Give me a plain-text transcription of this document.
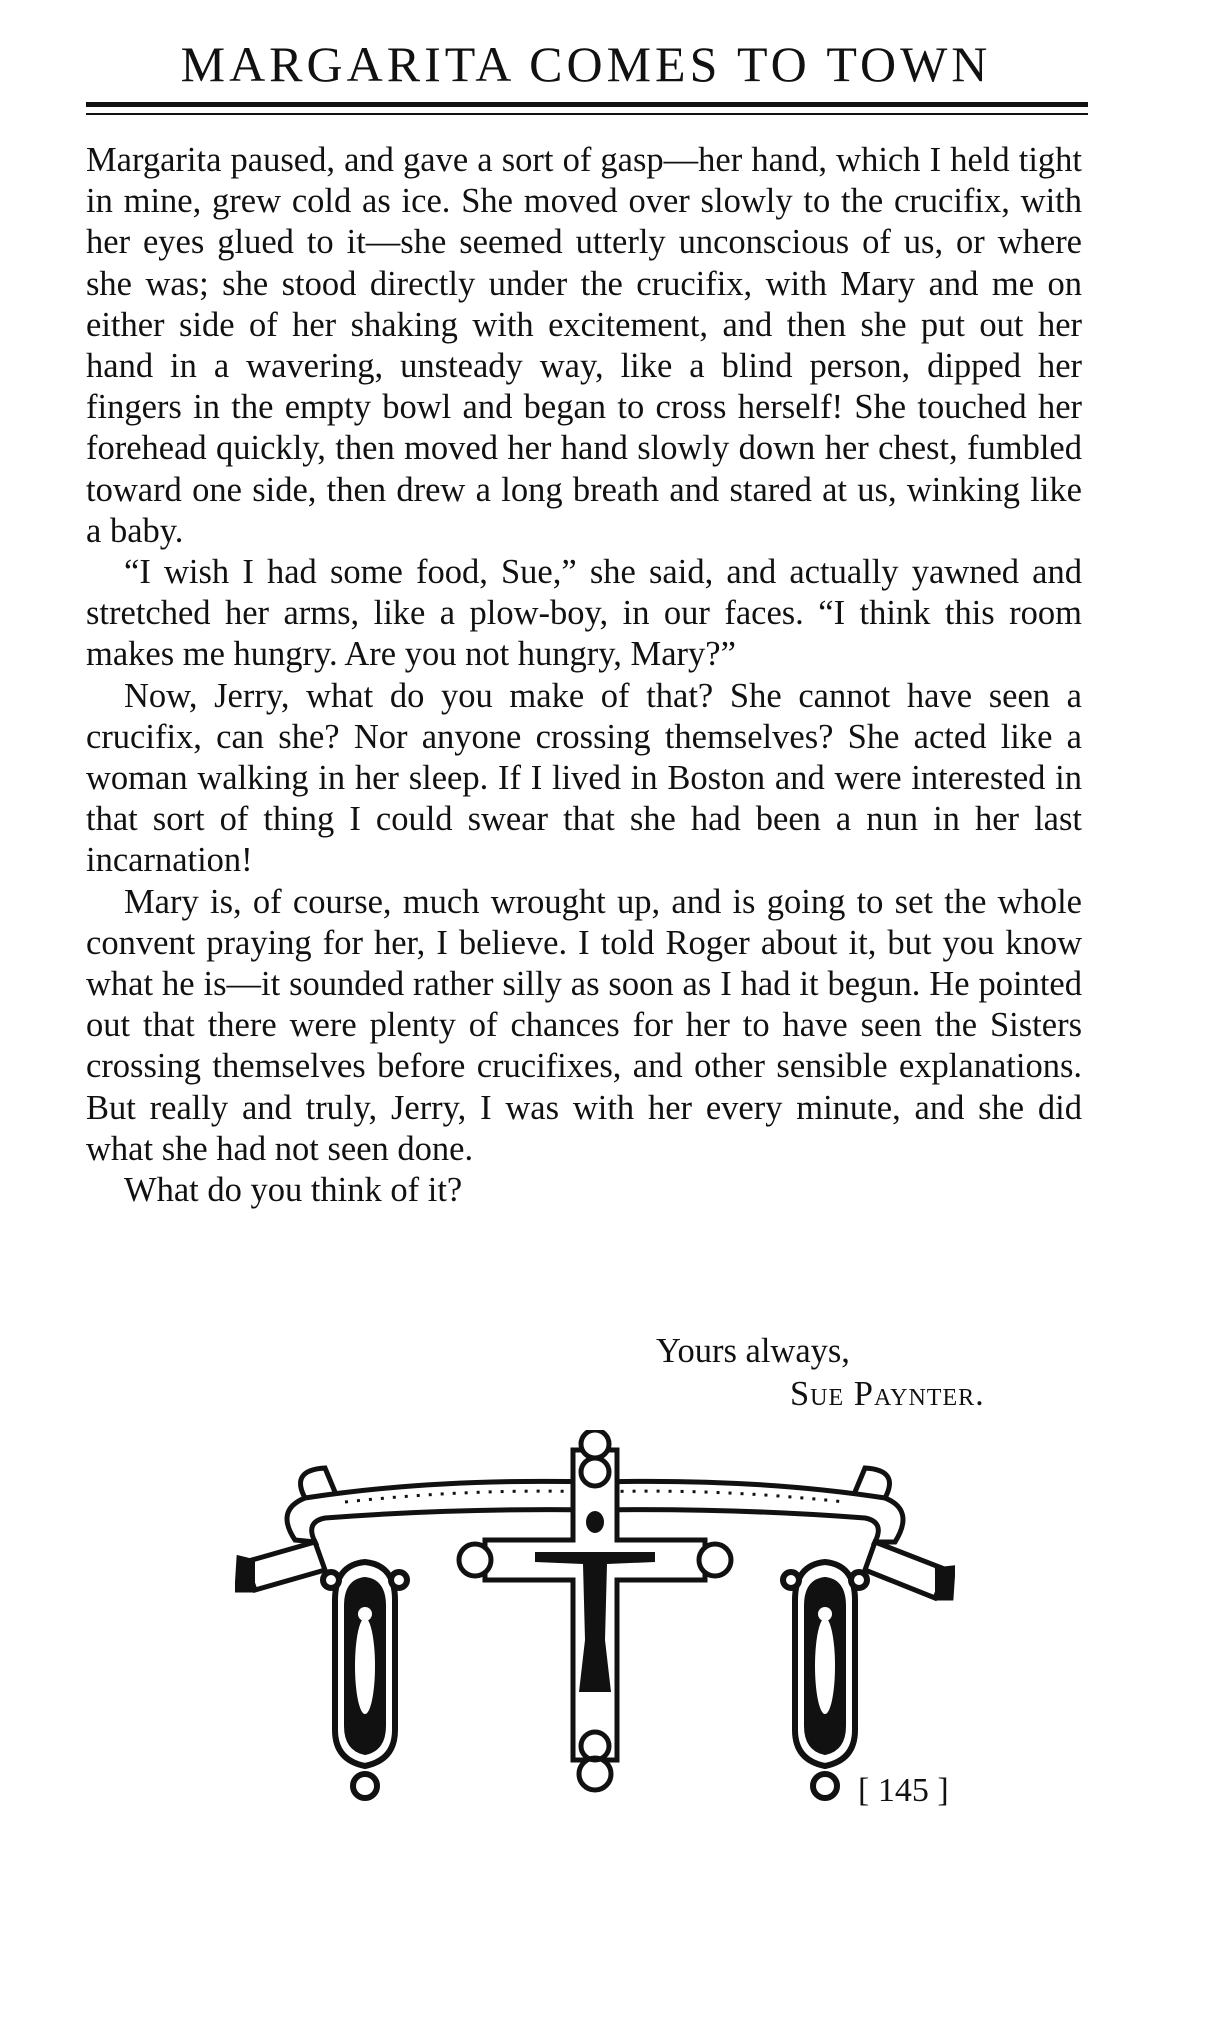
MARGARITA COMES TO TOWN

Margarita paused, and gave a sort of gasp—her hand, which I held tight in mine, grew cold as ice. She moved over slowly to the crucifix, with her eyes glued to it—she seemed utterly unconscious of us, or where she was; she stood directly under the crucifix, with Mary and me on either side of her shaking with excitement, and then she put out her hand in a wavering, unsteady way, like a blind person, dipped her fingers in the empty bowl and began to cross herself! She touched her forehead quickly, then moved her hand slowly down her chest, fumbled toward one side, then drew a long breath and stared at us, winking like a baby.

“I wish I had some food, Sue,” she said, and actually yawned and stretched her arms, like a plow-boy, in our faces. “I think this room makes me hungry. Are you not hungry, Mary?”

Now, Jerry, what do you make of that? She cannot have seen a crucifix, can she? Nor anyone crossing themselves? She acted like a woman walking in her sleep. If I lived in Boston and were interested in that sort of thing I could swear that she had been a nun in her last incarnation!

Mary is, of course, much wrought up, and is going to set the whole convent praying for her, I believe. I told Roger about it, but you know what he is—it sounded rather silly as soon as I had it begun. He pointed out that there were plenty of chances for her to have seen the Sisters crossing themselves before crucifixes, and other sensible explanations. But really and truly, Jerry, I was with her every minute, and she did what she had not seen done.

What do you think of it?

Yours always,
Sue Paynter.
[ 145 ]
